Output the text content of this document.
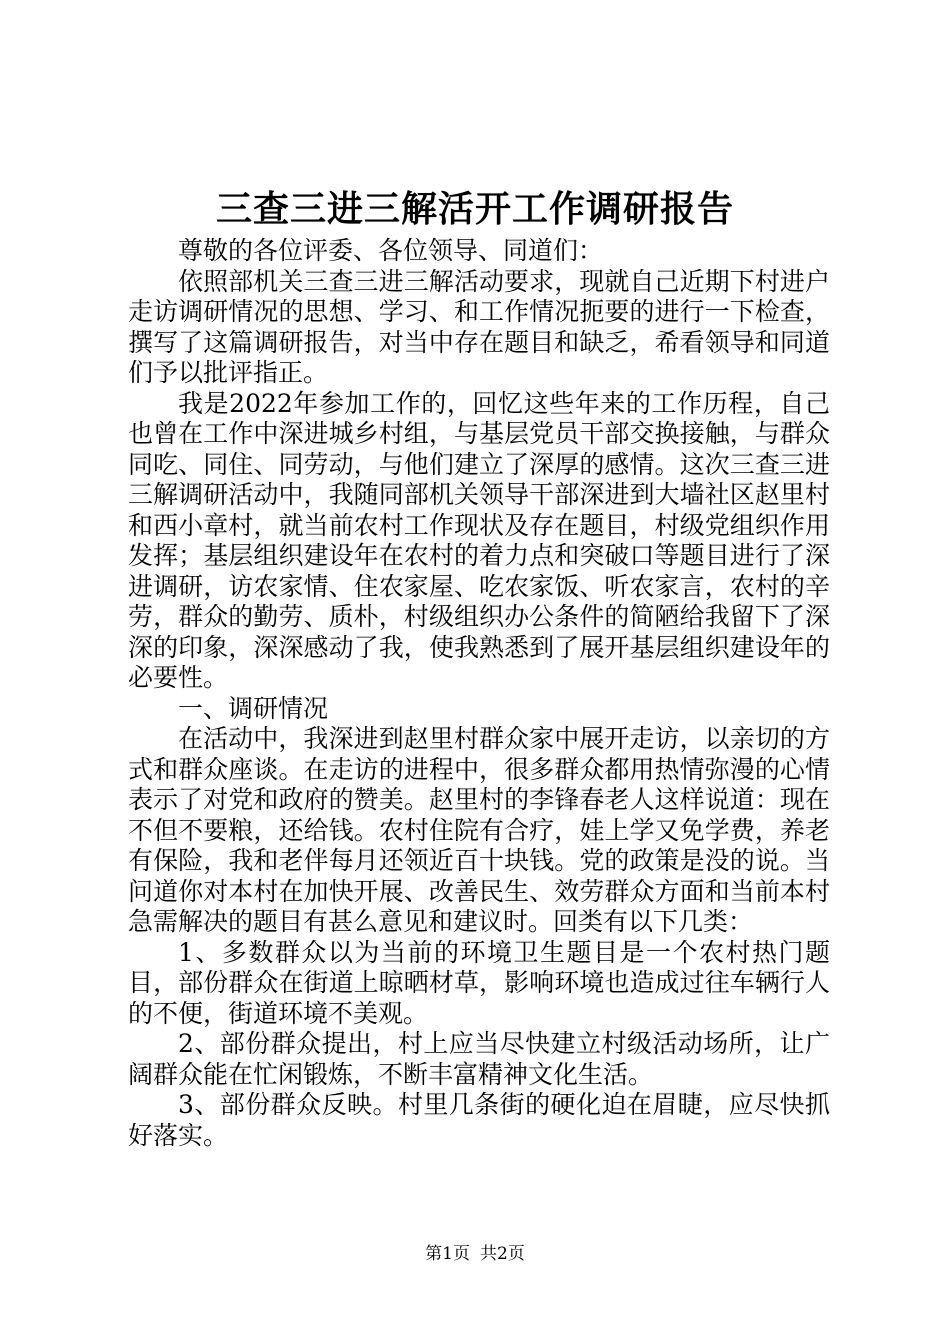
三查三进三解活开工作调研报告

尊敬的各位评委、各位领导、同道们：

依照部机关三查三进三解活动要求，现就自己近期下村进户走访调研情况的思想、学习、和工作情况扼要的进行一下检查，撰写了这篇调研报告，对当中存在题目和缺乏，希看领导和同道们予以批评指正。

我是2022年参加工作的，回忆这些年来的工作历程，自己也曾在工作中深进城乡村组，与基层党员干部交换接触，与群众同吃、同住、同劳动，与他们建立了深厚的感情。这次三查三进三解调研活动中，我随同部机关领导干部深进到大墙社区赵里村和西小章村，就当前农村工作现状及存在题目，村级党组织作用发挥；基层组织建设年在农村的着力点和突破口等题目进行了深进调研，访农家情、住农家屋、吃农家饭、听农家言，农村的辛劳，群众的勤劳、质朴，村级组织办公条件的简陋给我留下了深深的印象，深深感动了我，使我熟悉到了展开基层组织建设年的必要性。

一、调研情况

在活动中，我深进到赵里村群众家中展开走访，以亲切的方式和群众座谈。在走访的进程中，很多群众都用热情弥漫的心情表示了对党和政府的赞美。赵里村的李锋春老人这样说道：现在不但不要粮，还给钱。农村住院有合疗，娃上学又免学费，养老有保险，我和老伴每月还领近百十块钱。党的政策是没的说。当问道你对本村在加快开展、改善民生、效劳群众方面和当前本村急需解决的题目有甚么意见和建议时。回类有以下几类：

1、多数群众以为当前的环境卫生题目是一个农村热门题目，部份群众在街道上晾晒材草，影响环境也造成过往车辆行人的不便，街道环境不美观。

2、部份群众提出，村上应当尽快建立村级活动场所，让广阔群众能在忙闲锻炼，不断丰富精神文化生活。

3、部份群众反映。村里几条街的硬化迫在眉睫，应尽快抓好落实。

第1页 共2页
